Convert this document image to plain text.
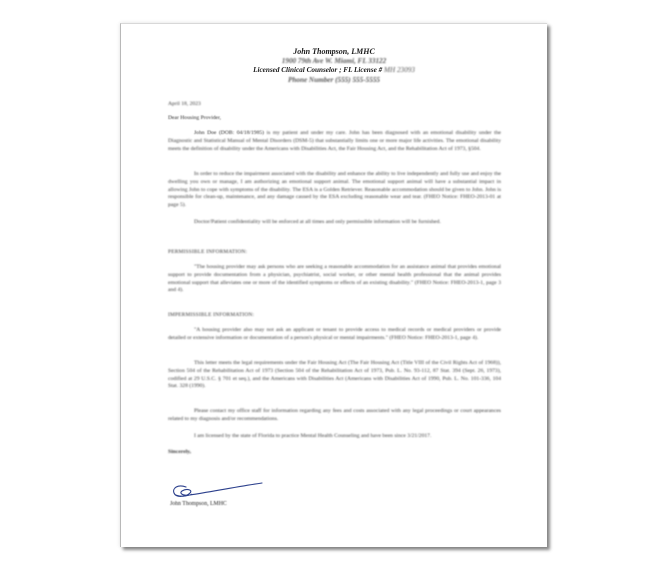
John Thompson, LMHC
1900 79th Ave W. Miami, FL 33122
Licensed Clinical Counselor ; FL License # MH 23093
Phone Number (555) 555-5555
April 18, 2023
Dear Housing Provider,
John Doe (DOB: 04/18/1985) is my patient and under my care. John has been diagnosed with an emotional disability under the Diagnostic and Statistical Manual of Mental Disorders (DSM-5) that substantially limits one or more major life activities. The emotional disability meets the definition of disability under the Americans with Disabilities Act, the Fair Housing Act, and the Rehabilitation Act of 1973, §504.
In order to reduce the impairment associated with the disability and enhance the ability to live independently and fully use and enjoy the dwelling you own or manage, I am authorizing an emotional support animal. The emotional support animal will have a substantial impact in allowing John to cope with symptoms of the disability. The ESA is a Golden Retriever. Reasonable accommodation should be given to John. John is responsible for clean-up, maintenance, and any damage caused by the ESA excluding reasonable wear and tear. (FHEO Notice: FHEO-2013-01 at page 5).
Doctor/Patient confidentiality will be enforced at all times and only permissible information will be furnished.
PERMISSIBLE INFORMATION:
"The housing provider may ask persons who are seeking a reasonable accommodation for an assistance animal that provides emotional support to provide documentation from a physician, psychiatrist, social worker, or other mental health professional that the animal provides emotional support that alleviates one or more of the identified symptoms or effects of an existing disability." (FHEO Notice: FHEO-2013-1, page 3 and 4).
IMPERMISSIBLE INFORMATION:
"A housing provider also may not ask an applicant or tenant to provide access to medical records or medical providers or provide detailed or extensive information or documentation of a person's physical or mental impairments." (FHEO Notice: FHEO-2013-1, page 4).
This letter meets the legal requirements under the Fair Housing Act (The Fair Housing Act (Title VIII of the Civil Rights Act of 1968)), Section 504 of the Rehabilitation Act of 1973 (Section 504 of the Rehabilitation Act of 1973, Pub. L. No. 93-112, 87 Stat. 394 (Sept. 26, 1973), codified at 29 U.S.C. § 701 et seq.), and the Americans with Disabilities Act (Americans with Disabilities Act of 1990, Pub. L. No. 101-336, 104 Stat. 328 (1990).
Please contact my office staff for information regarding any fees and costs associated with any legal proceedings or court appearances related to my diagnosis and/or recommendations.
I am licensed by the state of Florida to practice Mental Health Counseling and have been since 3/21/2017.
Sincerely,
John Thompson, LMHC
